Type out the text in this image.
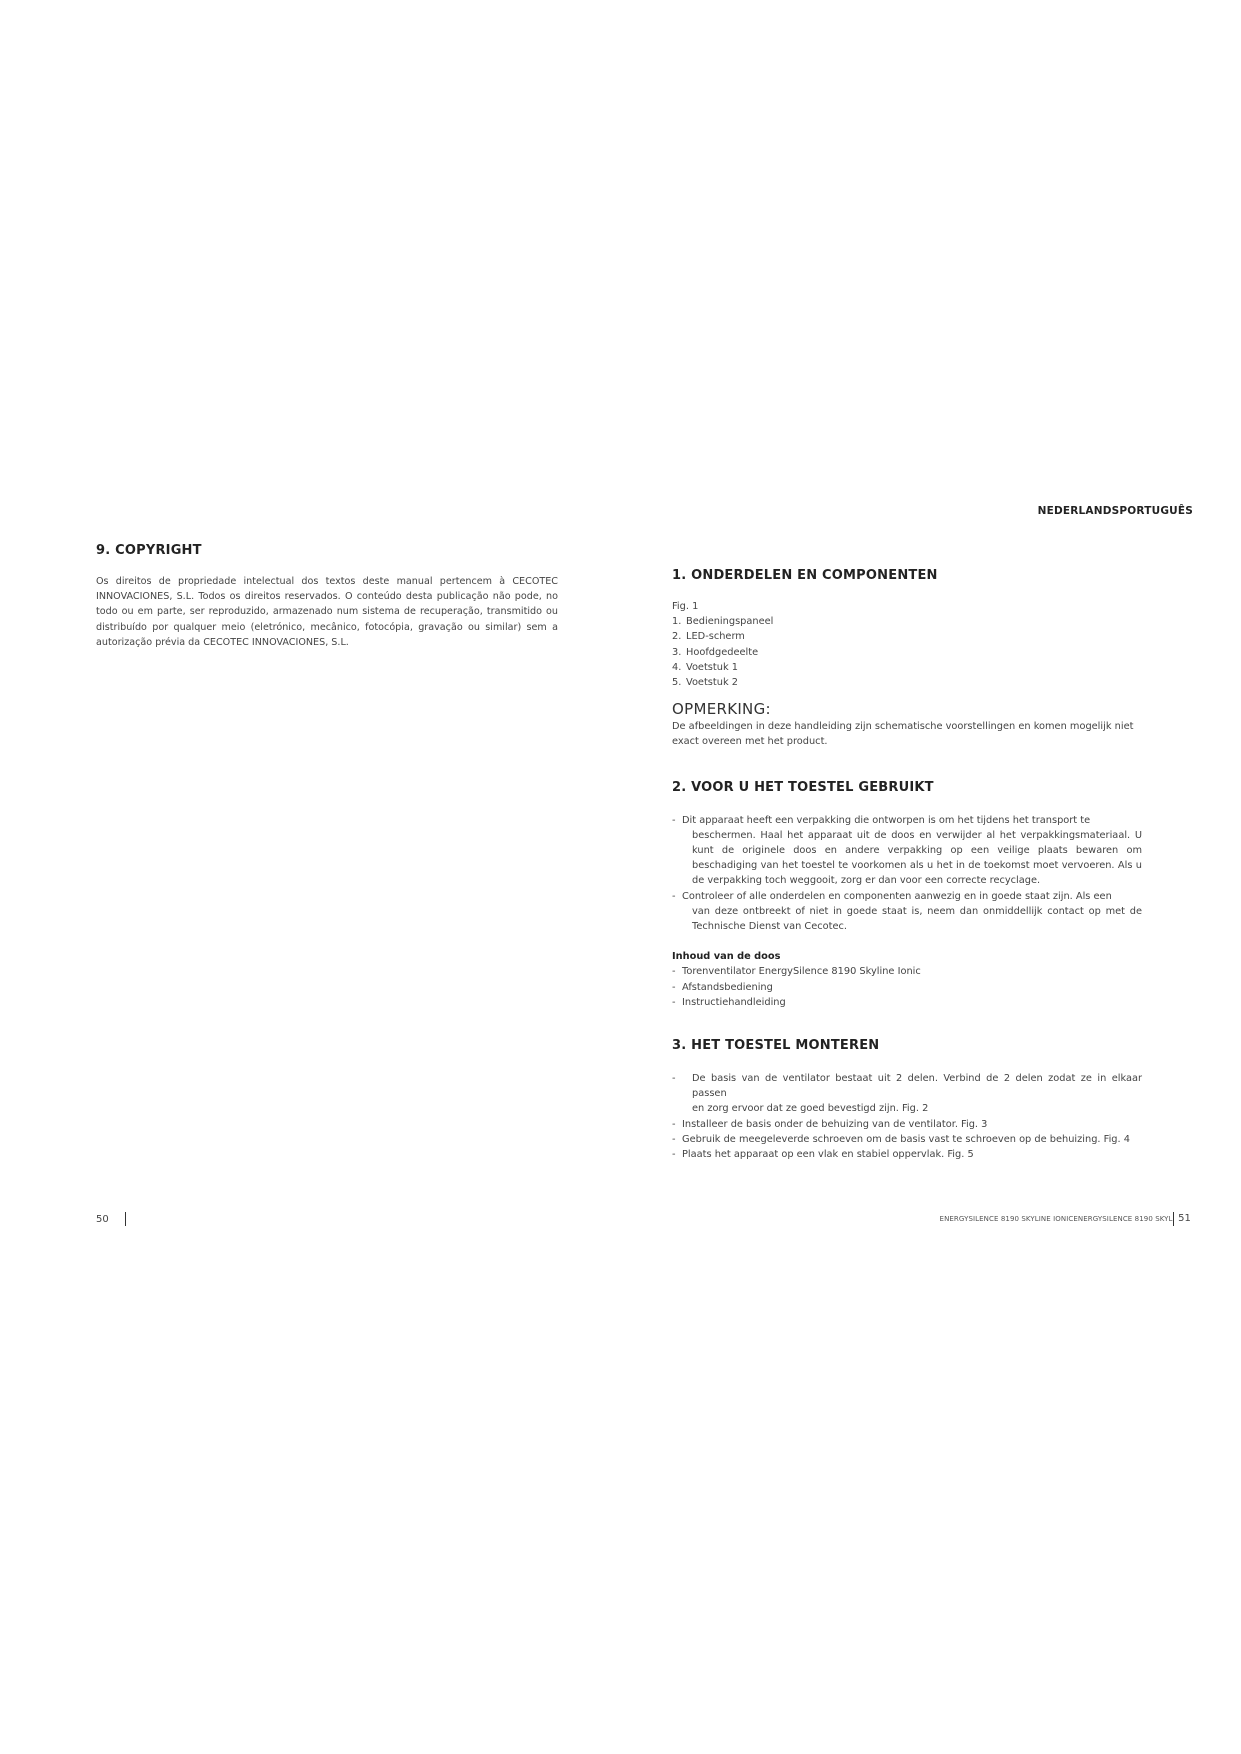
9. COPYRIGHT

Os direitos de propriedade intelectual dos textos deste manual pertencem à CECOTEC INNOVACIONES, S.L. Todos os direitos reservados. O conteúdo desta publicação não pode, no todo ou em parte, ser reproduzido, armazenado num sistema de recuperação, transmitido ou distribuído por qualquer meio (eletrónico, mecânico, fotocópia, gravação ou similar) sem a autorização prévia da CECOTEC INNOVACIONES, S.L.

50
NEDERLANDSPORTUGUÊS
1. ONDERDELEN EN COMPONENTEN
Fig. 1
1. Bedieningspaneel
2. LED-scherm
3. Hoofdgedeelte
4. Voetstuk 1
5. Voetstuk 2
OPMERKING:

De afbeeldingen in deze handleiding zijn schematische voorstellingen en komen mogelijk niet exact overeen met het product.

2. VOOR U HET TOESTEL GEBRUIKT
- Dit apparaat heeft een verpakking die ontworpen is om het tijdens het transport te
beschermen. Haal het apparaat uit de doos en verwijder al het verpakkingsmateriaal. U kunt de originele doos en andere verpakking op een veilige plaats bewaren om beschadiging van het toestel te voorkomen als u het in de toekomst moet vervoeren. Als u de verpakking toch weggooit, zorg er dan voor een correcte recyclage.
- Controleer of alle onderdelen en componenten aanwezig en in goede staat zijn. Als een
van deze ontbreekt of niet in goede staat is, neem dan onmiddellijk contact op met de Technische Dienst van Cecotec.
Inhoud van de doos
- Torenventilator EnergySilence 8190 Skyline Ionic
- Afstandsbediening
- Instructiehandleiding
3. HET TOESTEL MONTEREN
- De basis van de ventilator bestaat uit 2 delen. Verbind de 2 delen zodat ze in elkaar passen
en zorg ervoor dat ze goed bevestigd zijn. Fig. 2
- Installeer de basis onder de behuizing van de ventilator. Fig. 3
- Gebruik de meegeleverde schroeven om de basis vast te schroeven op de behuizing. Fig. 4
- Plaats het apparaat op een vlak en stabiel oppervlak. Fig. 5
ENERGYSILENCE 8190 SKYLINE IONICENERGYSILENCE 8190 SKYL 51
